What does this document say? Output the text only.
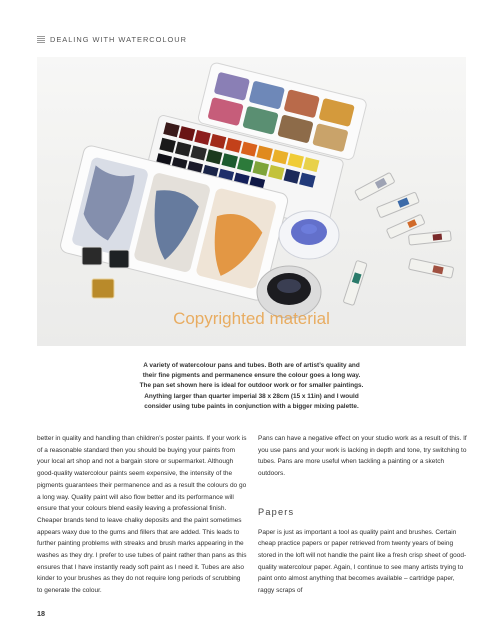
DEALING WITH WATERCOLOUR
Copyrighted material
A variety of watercolour pans and tubes. Both are of artist’s quality and
their fine pigments and permanence ensure the colour goes a long way.
The pan set shown here is ideal for outdoor work or for smaller paintings.
Anything larger than quarter imperial 38 x 28cm (15 x 11in) and I would
consider using tube paints in conjunction with a bigger mixing palette.

better in quality and handling than children’s poster paints. If your work is of a reasonable standard then you should be buying your paints from your local art shop and not a bargain store or supermarket. Although good-quality watercolour paints seem expensive, the intensity of the pigments guarantees their permanence and as a result the colours do go a long way. Quality paint will also flow better and its performance will ensure that your colours blend easily leaving a professional finish. Cheaper brands tend to leave chalky deposits and the paint sometimes appears waxy due to the gums and fillers that are added. This leads to further painting problems with streaks and brush marks appearing in the washes as they dry. I prefer to use tubes of paint rather than pans as this ensures that I have instantly ready soft paint as I need it. Tubes are also kinder to your brushes as they do not require long periods of scrubbing to generate the colour.

Pans can have a negative effect on your studio work as a result of this. If you use pans and your work is lacking in depth and tone, try switching to tubes. Pans are more useful when tackling a painting or a sketch outdoors.

Papers

Paper is just as important a tool as quality paint and brushes. Certain cheap practice papers or paper retrieved from twenty years of being stored in the loft will not handle the paint like a fresh crisp sheet of good-quality watercolour paper. Again, I continue to see many artists trying to paint onto almost anything that becomes available – cartridge paper, raggy scraps of

18
